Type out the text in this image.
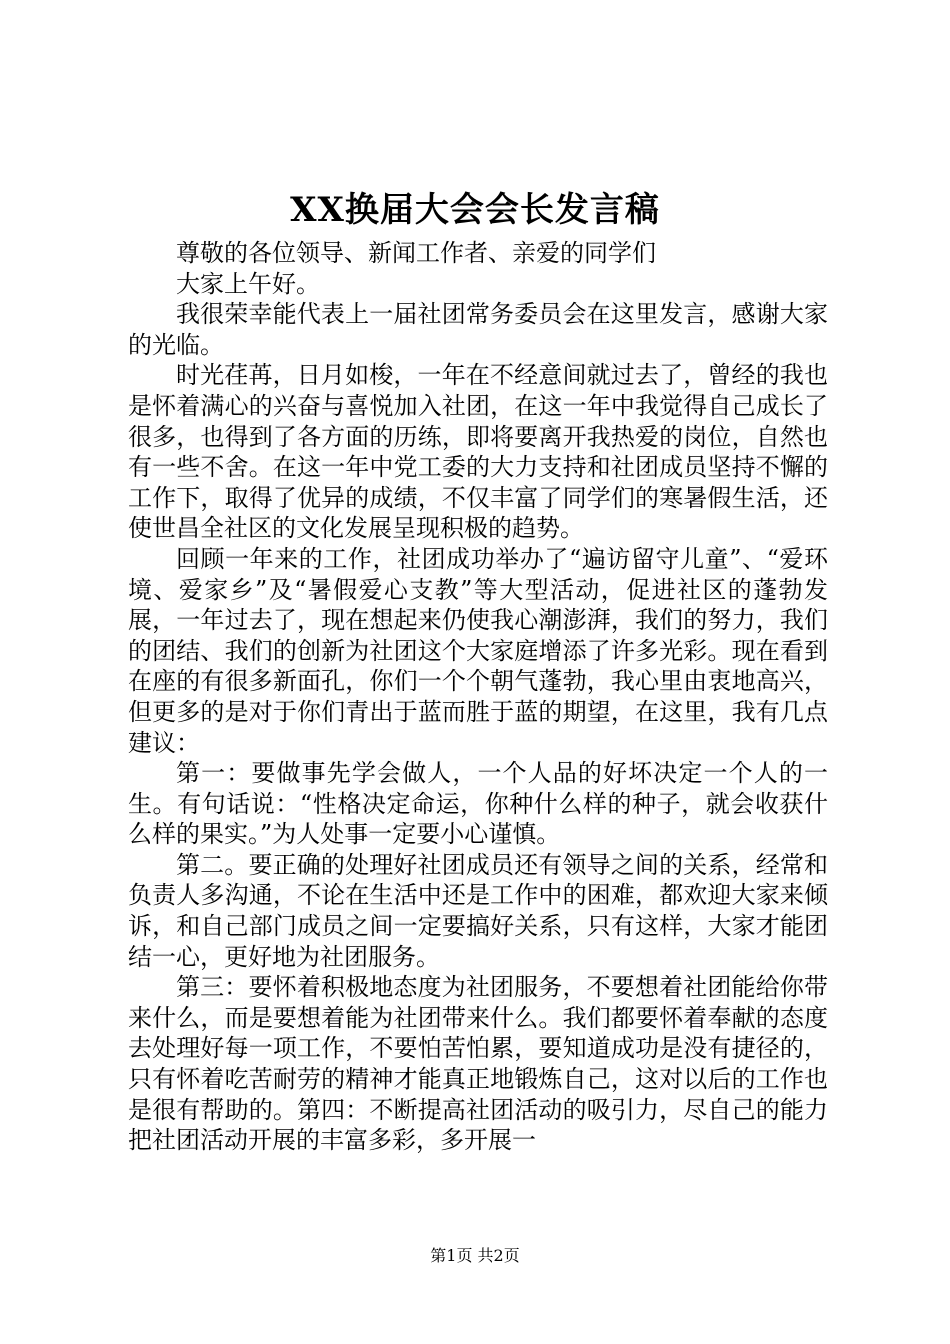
XX换届大会会长发言稿

尊敬的各位领导、新闻工作者、亲爱的同学们

大家上午好。

我很荣幸能代表上一届社团常务委员会在这里发言，感谢大家的光临。

时光荏苒，日月如梭，一年在不经意间就过去了，曾经的我也是怀着满心的兴奋与喜悦加入社团，在这一年中我觉得自己成长了很多，也得到了各方面的历练，即将要离开我热爱的岗位，自然也有一些不舍。在这一年中党工委的大力支持和社团成员坚持不懈的工作下，取得了优异的成绩，不仅丰富了同学们的寒暑假生活，还使世昌全社区的文化发展呈现积极的趋势。

回顾一年来的工作，社团成功举办了“遍访留守儿童”、“爱环境、爱家乡”及“暑假爱心支教”等大型活动，促进社区的蓬勃发展，一年过去了，现在想起来仍使我心潮澎湃，我们的努力，我们的团结、我们的创新为社团这个大家庭增添了许多光彩。现在看到在座的有很多新面孔，你们一个个朝气蓬勃，我心里由衷地高兴，但更多的是对于你们青出于蓝而胜于蓝的期望，在这里，我有几点建议：

第一：要做事先学会做人，一个人品的好坏决定一个人的一生。有句话说：“性格决定命运，你种什么样的种子，就会收获什么样的果实。”为人处事一定要小心谨慎。

第二。要正确的处理好社团成员还有领导之间的关系，经常和负责人多沟通，不论在生活中还是工作中的困难，都欢迎大家来倾诉，和自己部门成员之间一定要搞好关系，只有这样，大家才能团结一心，更好地为社团服务。

第三：要怀着积极地态度为社团服务，不要想着社团能给你带来什么，而是要想着能为社团带来什么。我们都要怀着奉献的态度去处理好每一项工作，不要怕苦怕累，要知道成功是没有捷径的，只有怀着吃苦耐劳的精神才能真正地锻炼自己，这对以后的工作也是很有帮助的。第四：不断提高社团活动的吸引力，尽自己的能力把社团活动开展的丰富多彩，多开展一

第1页 共2页
